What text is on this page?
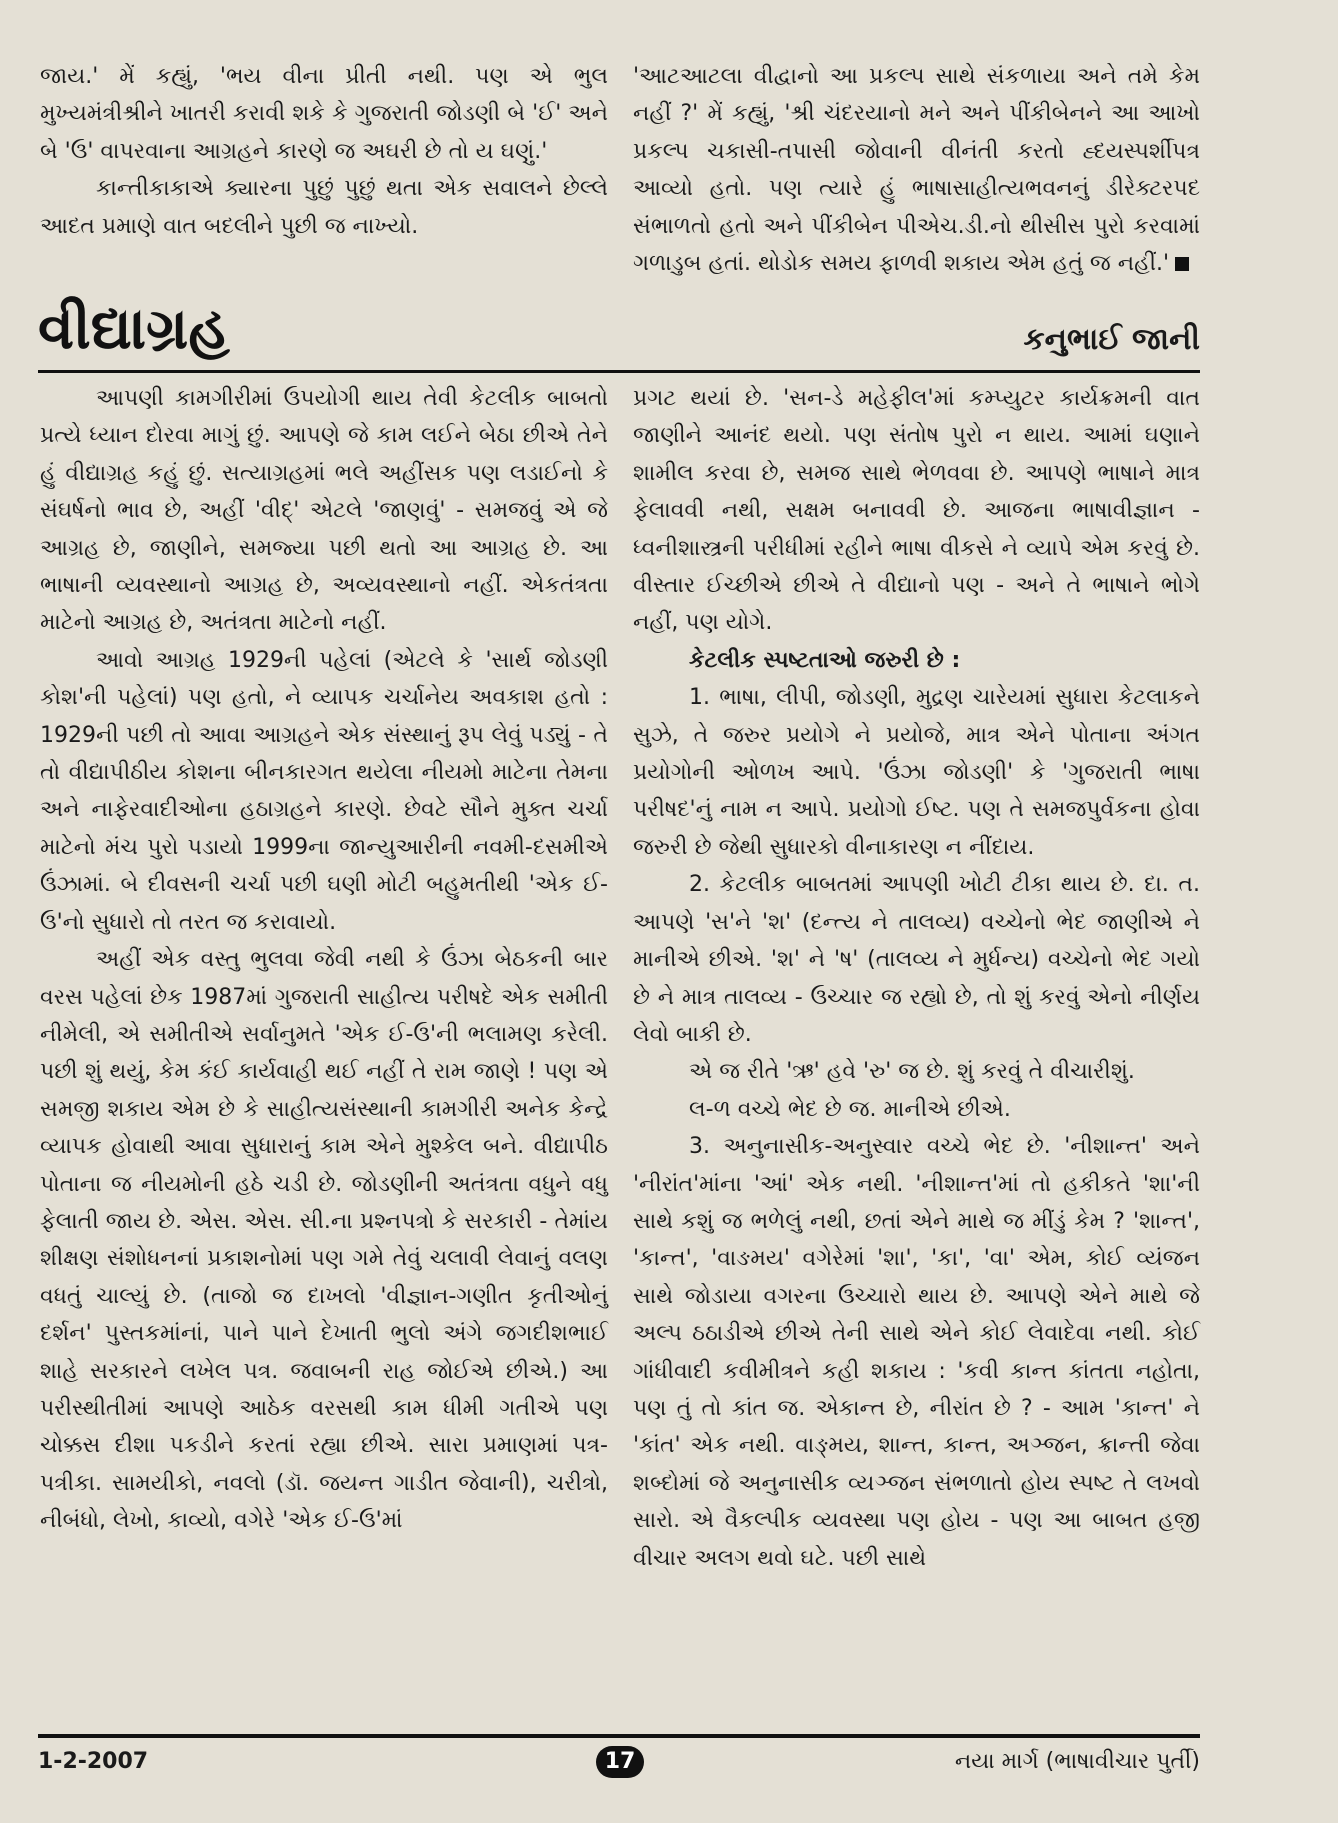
જાય.' મેં કહ્યું, 'ભય વીના પ્રીતી નથી. પણ એ ભુલ મુખ્યમંત્રીશ્રીને ખાતરી કરાવી શકે કે ગુજરાતી જોડણી બે 'ઈ' અને બે 'ઉ' વાપરવાના આગ્રહને કારણે જ અઘરી છે તો ય ઘણું.'

કાન્તીકાકાએ ક્યારના પુછું પુછું થતા એક સવાલને છેલ્લે આદત પ્રમાણે વાત બદલીને પુછી જ નાખ્યો.

'આટઆટલા વીદ્વાનો આ પ્રકલ્પ સાથે સંકળાયા અને તમે કેમ નહીં ?' મેં કહ્યું, 'શ્રી ચંદરયાનો મને અને પીંકીબેનને આ આખો પ્રકલ્પ ચકાસી-તપાસી જોવાની વીનંતી કરતો હ્દયસ્પર્શીપત્ર આવ્યો હતો. પણ ત્યારે હું ભાષાસાહીત્યભવનનું ડીરેક્ટરપદ સંભાળતો હતો અને પીંકીબેન પીએચ.ડી.નો થીસીસ પુરો કરવામાં ગળાડુબ હતાં. થોડોક સમય ફાળવી શકાય એમ હતું જ નહીં.'

વીદ્યાગ્રહ	કનુભાઈ જાની

આપણી કામગીરીમાં ઉપયોગી થાય તેવી કેટલીક બાબતો પ્રત્યે ધ્યાન દોરવા માગું છું. આપણે જે કામ લઈને બેઠા છીએ તેને હું વીદ્યાગ્રહ કહું છું. સત્યાગ્રહમાં ભલે અહીંસક પણ લડાઈનો કે સંઘર્ષનો ભાવ છે, અહીં 'વીદ્' એટલે 'જાણવું' - સમજવું એ જે આગ્રહ છે, જાણીને, સમજ્યા પછી થતો આ આગ્રહ છે. આ ભાષાની વ્યવસ્થાનો આગ્રહ છે, અવ્યવસ્થાનો નહીં. એકતંત્રતા માટેનો આગ્રહ છે, અતંત્રતા માટેનો નહીં.

આવો આગ્રહ 1929ની પહેલાં (એટલે કે 'સાર્થ જોડણી કોશ'ની પહેલાં) પણ હતો, ને વ્યાપક ચર્ચાનેય અવકાશ હતો : 1929ની પછી તો આવા આગ્રહને એક સંસ્થાનું રૂપ લેવું પડ્યું - તે તો વીદ્યાપીઠીય કોશના બીનકારગત થયેલા નીયમો માટેના તેમના અને નાફેરવાદીઓના હઠાગ્રહને કારણે. છેવટે સૌને મુક્ત ચર્ચા માટેનો મંચ પુરો પડાયો 1999ના જાન્યુઆરીની નવમી-દસમીએ ઉંઝામાં. બે દીવસની ચર્ચા પછી ઘણી મોટી બહુમતીથી 'એક ઈ-ઉ'નો સુધારો તો તરત જ કરાવાયો.

અહીં એક વસ્તુ ભુલવા જેવી નથી કે ઉંઝા બેઠકની બાર વરસ પહેલાં છેક 1987માં ગુજરાતી સાહીત્ય પરીષદે એક સમીતી નીમેલી, એ સમીતીએ સર્વાનુમતે 'એક ઈ-ઉ'ની ભલામણ કરેલી. પછી શું થયું, કેમ કંઈ કાર્યવાહી થઈ નહીં તે રામ જાણે ! પણ એ સમજી શકાય એમ છે કે સાહીત્યસંસ્થાની કામગીરી અનેક કેન્દ્રે વ્યાપક હોવાથી આવા સુધારાનું કામ એને મુશ્કેલ બને. વીદ્યાપીઠ પોતાના જ નીયમોની હઠે ચડી છે. જોડણીની અતંત્રતા વધુને વધુ ફેલાતી જાય છે. એસ. એસ. સી.ના પ્રશ્નપત્રો કે સરકારી - તેમાંય શીક્ષણ સંશોધનનાં પ્રકાશનોમાં પણ ગમે તેવું ચલાવી લેવાનું વલણ વધતું ચાલ્યું છે. (તાજો જ દાખલો 'વીજ્ઞાન-ગણીત કૃતીઓનું દર્શન' પુસ્તકમાંનાં, પાને પાને દેખાતી ભુલો અંગે જગદીશભાઈ શાહે સરકારને લખેલ પત્ર. જવાબની રાહ જોઈએ છીએ.) આ પરીસ્થીતીમાં આપણે આઠેક વરસથી કામ ધીમી ગતીએ પણ ચોક્કસ દીશા પકડીને કરતાં રહ્યા છીએ. સારા પ્રમાણમાં પત્ર-પત્રીકા. સામયીકો, નવલો (ડૉ. જયન્ત ગાડીત જેવાની), ચરીત્રો, નીબંધો, લેખો, કાવ્યો, વગેરે 'એક ઈ-ઉ'માં

પ્રગટ થયાં છે. 'સન-ડે મહેફીલ'માં કમ્પ્યુટર કાર્યક્રમની વાત જાણીને આનંદ થયો. પણ સંતોષ પુરો ન થાય. આમાં ઘણાને શામીલ કરવા છે, સમજ સાથે ભેળવવા છે. આપણે ભાષાને માત્ર ફેલાવવી નથી, સક્ષમ બનાવવી છે. આજના ભાષાવીજ્ઞાન - ધ્વનીશાસ્ત્રની પરીધીમાં રહીને ભાષા વીકસે ને વ્યાપે એમ કરવું છે. વીસ્તાર ઈચ્છીએ છીએ તે વીદ્યાનો પણ - અને તે ભાષાને ભોગે નહીં, પણ યોગે.

કેટલીક સ્પષ્ટતાઓ જરુરી છે :

1. ભાષા, લીપી, જોડણી, મુદ્રણ ચારેયમાં સુધારા કેટલાકને સુઝે, તે જરુર પ્રયોગે ને પ્રયોજે, માત્ર એને પોતાના અંગત પ્રયોગોની ઓળખ આપે. 'ઉંઝા જોડણી' કે 'ગુજરાતી ભાષા પરીષદ'નું નામ ન આપે. પ્રયોગો ઈષ્ટ. પણ તે સમજપુર્વકના હોવા જરુરી છે જેથી સુધારકો વીનાકારણ ન નીંદાય.

2. કેટલીક બાબતમાં આપણી ખોટી ટીકા થાય છે. દા. ત. આપણે 'સ'ને 'શ' (દન્ત્ય ને તાલવ્ય) વચ્ચેનો ભેદ જાણીએ ને માનીએ છીએ. 'શ' ને 'ષ' (તાલવ્ય ને મુર્ધન્ય) વચ્ચેનો ભેદ ગયો છે ને માત્ર તાલવ્ય - ઉચ્ચાર જ રહ્યો છે, તો શું કરવું એનો નીર્ણય લેવો બાકી છે.

એ જ રીતે 'ઋ' હવે 'રુ' જ છે. શું કરવું તે વીચારીશું.

લ-ળ વચ્ચે ભેદ છે જ. માનીએ છીએ.

3. અનુનાસીક-અનુસ્વાર વચ્ચે ભેદ છે. 'નીશાન્ત' અને 'નીરાંત'માંના 'આં' એક નથી. 'નીશાન્ત'માં તો હકીકતે 'શા'ની સાથે કશું જ ભળેલું નથી, છતાં એને માથે જ મીંડું કેમ ? 'શાન્ત', 'કાન્ત', 'વાઙમય' વગેરેમાં 'શા', 'કા', 'વા' એમ, કોઈ વ્યંજન સાથે જોડાયા વગરના ઉચ્ચારો થાય છે. આપણે એને માથે જે અલ્પ ઠઠાડીએ છીએ તેની સાથે એને કોઈ લેવાદેવા નથી. કોઈ ગાંધીવાદી કવીમીત્રને કહી શકાય : 'કવી કાન્ત કાંતતા નહોતા, પણ તું તો કાંત જ. એકાન્ત છે, નીરાંત છે ? - આમ 'કાન્ત' ને 'કાંત' એક નથી. વાઙ્મય, શાન્ત, કાન્ત, અઞ્જન, ક્રાન્તી જેવા શબ્દોમાં જે અનુનાસીક વ્યઞ્જન સંભળાતો હોય સ્પષ્ટ તે લખવો સારો. એ વૈકલ્પીક વ્યવસ્થા પણ હોય - પણ આ બાબત હજી વીચાર અલગ થવો ઘટે. પછી સાથે

1-2-2007	17	નયા માર્ગ (ભાષાવીચાર પુર્તી)
